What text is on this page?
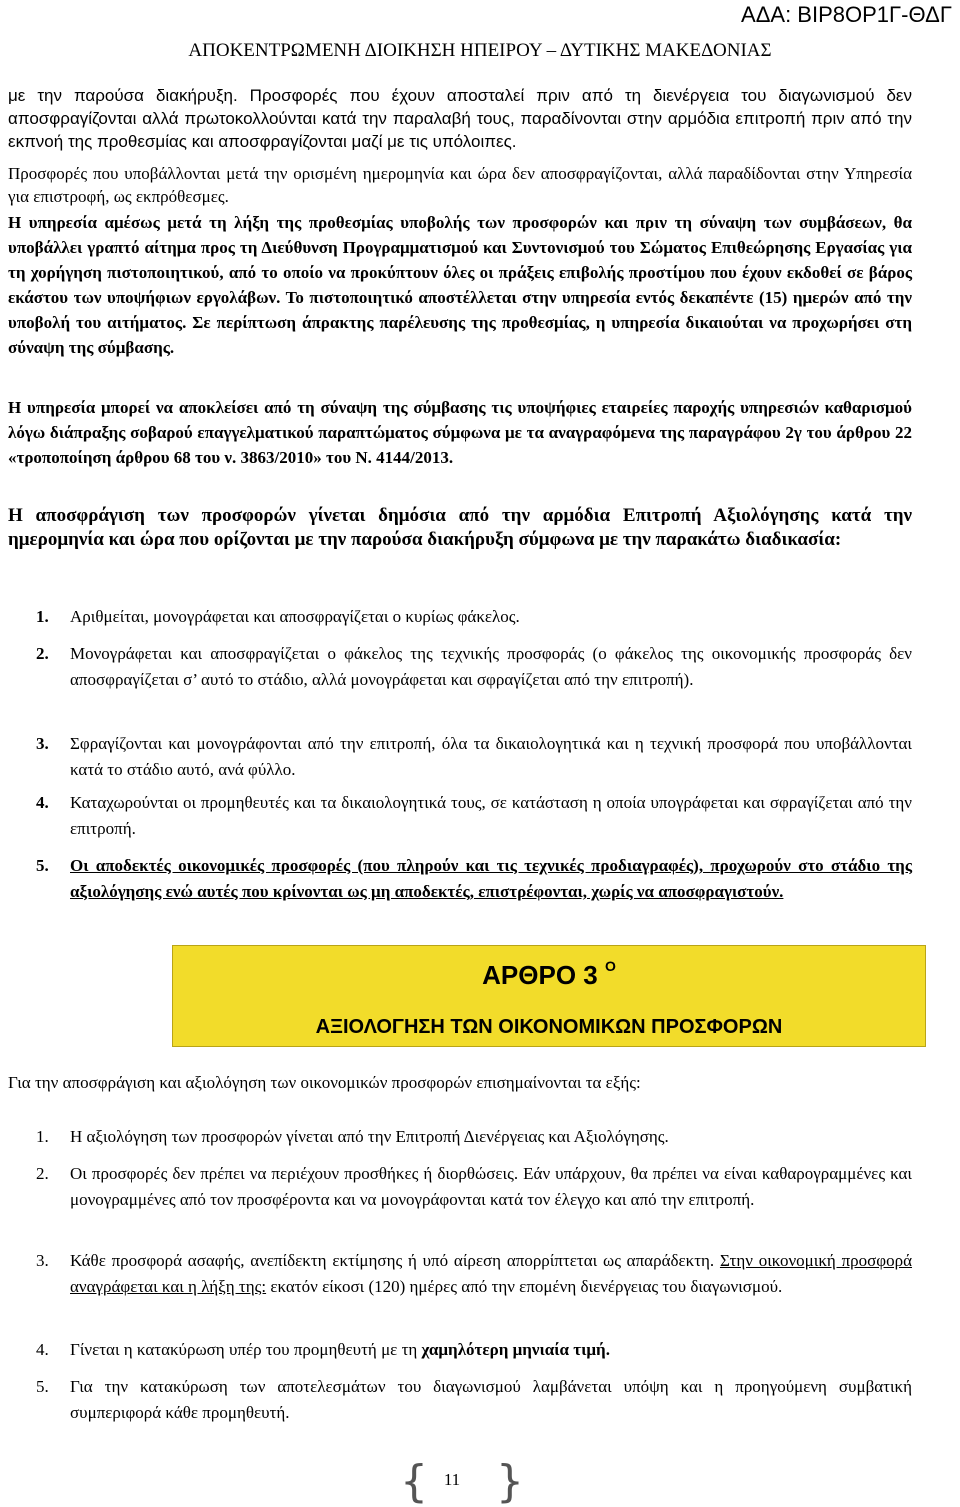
ΑΔΑ: ΒΙΡ8ΟΡ1Γ-ΘΔΓ
ΑΠΟΚΕΝΤΡΩΜΕΝΗ ΔΙΟΙΚΗΣΗ ΗΠΕΙΡΟΥ – ΔΥΤΙΚΗΣ ΜΑΚΕΔΟΝΙΑΣ
με την παρούσα διακήρυξη. Προσφορές που έχουν αποσταλεί πριν από τη διενέργεια του διαγωνισμού δεν αποσφραγίζονται αλλά πρωτοκολλούνται κατά την παραλαβή τους, παραδίνονται στην αρμόδια επιτροπή πριν από την εκπνοή της προθεσμίας και αποσφραγίζονται μαζί με τις υπόλοιπες.
Προσφορές που υποβάλλονται μετά την ορισμένη ημερομηνία και ώρα δεν αποσφραγίζονται, αλλά παραδίδονται στην Υπηρεσία για επιστροφή, ως εκπρόθεσμες.
Η υπηρεσία αμέσως μετά τη λήξη της προθεσμίας υποβολής των προσφορών και πριν τη σύναψη των συμβάσεων, θα υποβάλλει γραπτό αίτημα προς τη Διεύθυνση Προγραμματισμού και Συντονισμού του Σώματος Επιθεώρησης Εργασίας για τη χορήγηση πιστοποιητικού, από το οποίο να προκύπτουν όλες οι πράξεις επιβολής προστίμου που έχουν εκδοθεί σε βάρος εκάστου των υποψήφιων εργολάβων. Το πιστοποιητικό αποστέλλεται στην υπηρεσία εντός δεκαπέντε (15) ημερών από την υποβολή του αιτήματος. Σε περίπτωση άπρακτης παρέλευσης της προθεσμίας, η υπηρεσία δικαιούται να προχωρήσει στη σύναψη της σύμβασης.
Η υπηρεσία μπορεί να αποκλείσει από τη σύναψη της σύμβασης τις υποψήφιες εταιρείες παροχής υπηρεσιών καθαρισμού λόγω διάπραξης σοβαρού επαγγελματικού παραπτώματος σύμφωνα με τα αναγραφόμενα της παραγράφου 2γ του άρθρου 22 «τροποποίηση άρθρου 68 του ν. 3863/2010» του Ν. 4144/2013.
Η αποσφράγιση των προσφορών γίνεται δημόσια από την αρμόδια Επιτροπή Αξιολόγησης κατά την ημερομηνία και ώρα που ορίζονται με την παρούσα διακήρυξη σύμφωνα με την παρακάτω διαδικασία:
1. Αριθμείται, μονογράφεται και αποσφραγίζεται ο κυρίως φάκελος.
2. Μονογράφεται και αποσφραγίζεται ο φάκελος της τεχνικής προσφοράς (ο φάκελος της οικονομικής προσφοράς δεν αποσφραγίζεται σ’ αυτό το στάδιο, αλλά μονογράφεται και σφραγίζεται από την επιτροπή).
3. Σφραγίζονται και μονογράφονται από την επιτροπή, όλα τα δικαιολογητικά και η τεχνική προσφορά που υποβάλλονται κατά το στάδιο αυτό, ανά φύλλο.
4. Καταχωρούνται οι προμηθευτές και τα δικαιολογητικά τους, σε κατάσταση η οποία υπογράφεται και σφραγίζεται από την επιτροπή.
5. Οι αποδεκτές οικονομικές προσφορές (που πληρούν και τις τεχνικές προδιαγραφές), προχωρούν στο στάδιο της αξιολόγησης ενώ αυτές που κρίνονται ως μη αποδεκτές, επιστρέφονται, χωρίς να αποσφραγιστούν.
ΑΡΘΡΟ 3 $^O$
ΑΞΙΟΛΟΓΗΣΗ ΤΩΝ ΟΙΚΟΝΟΜΙΚΩΝ ΠΡΟΣΦΟΡΩΝ
Για την αποσφράγιση και αξιολόγηση των οικονομικών προσφορών επισημαίνονται τα εξής:
1. Η αξιολόγηση των προσφορών γίνεται από την Επιτροπή Διενέργειας και Αξιολόγησης.
2. Οι προσφορές δεν πρέπει να περιέχουν προσθήκες ή διορθώσεις. Εάν υπάρχουν, θα πρέπει να είναι καθαρογραμμένες και μονογραμμένες από τον προσφέροντα και να μονογράφονται κατά τον έλεγχο και από την επιτροπή.
3. Κάθε προσφορά ασαφής, ανεπίδεκτη εκτίμησης ή υπό αίρεση απορρίπτεται ως απαράδεκτη. Στην οικονομική προσφορά αναγράφεται και η λήξη της: εκατόν είκοσι (120) ημέρες από την επομένη διενέργειας του διαγωνισμού.
4. Γίνεται η κατακύρωση υπέρ του προμηθευτή με τη χαμηλότερη μηνιαία τιμή.
5. Για την κατακύρωση των αποτελεσμάτων του διαγωνισμού λαμβάνεται υπόψη και η προηγούμενη συμβατική συμπεριφορά κάθε προμηθευτή.
{ 11 }
